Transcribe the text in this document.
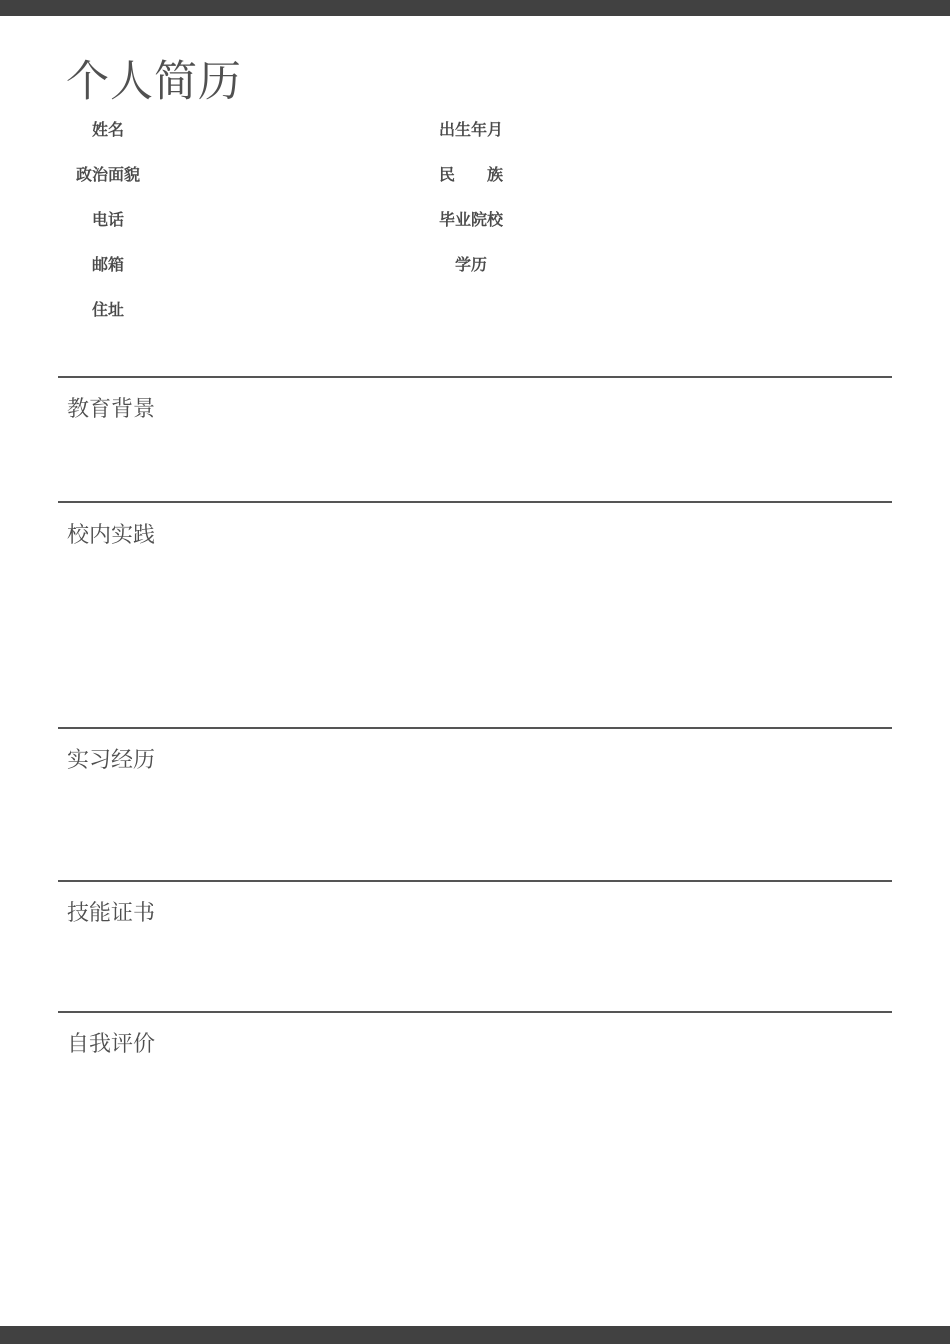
个人简历
姓名
政治面貌
电话
邮箱
住址
出生年月
民　　族
毕业院校
学历
教育背景
校内实践
实习经历
技能证书
自我评价
